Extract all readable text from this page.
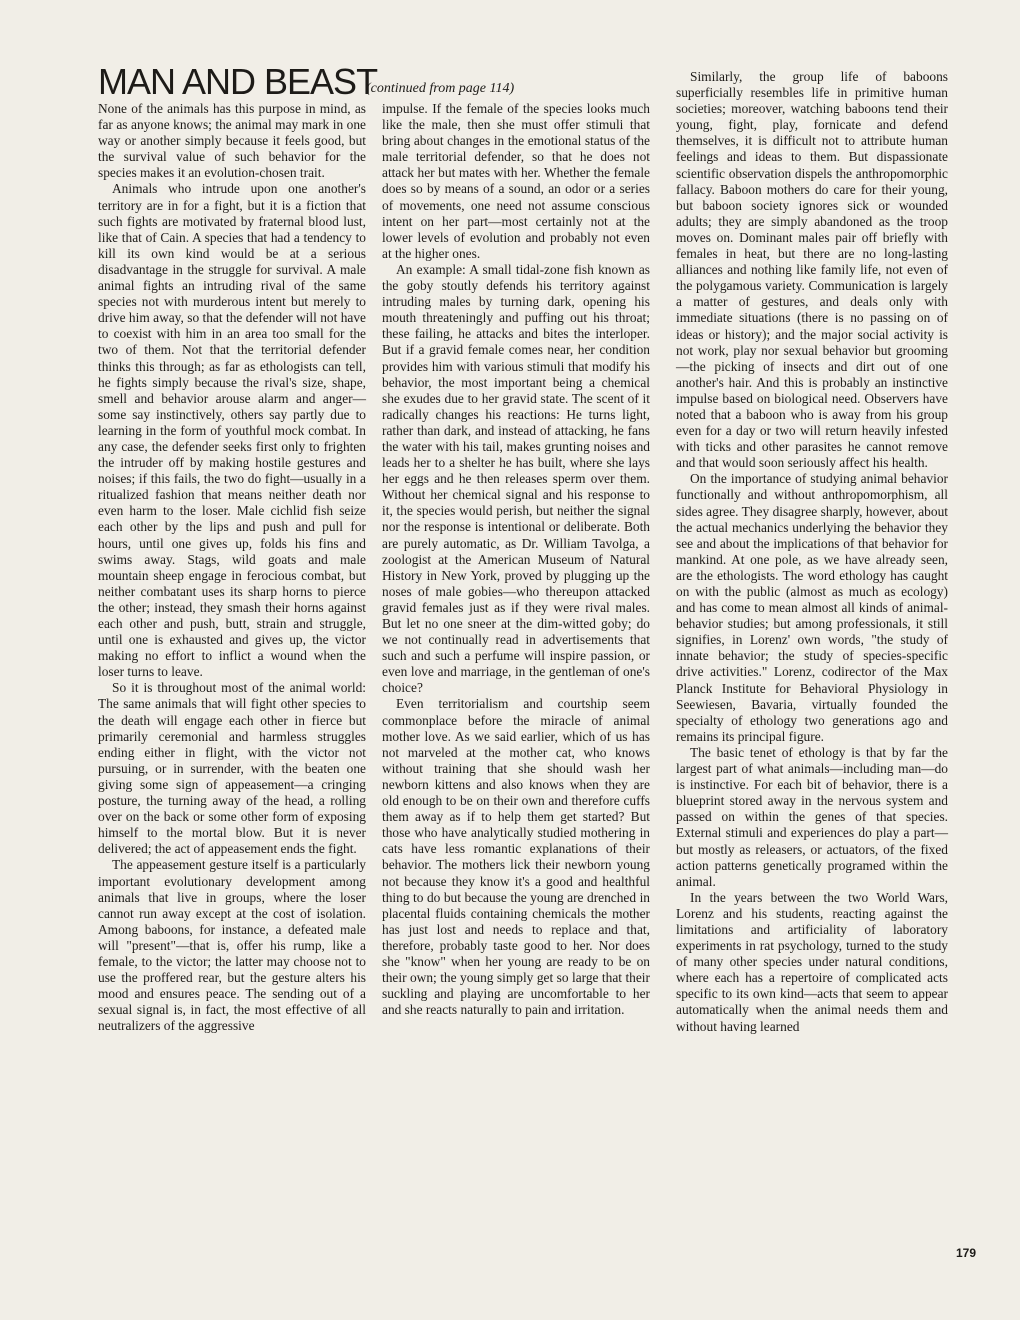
MAN AND BEAST
(continued from page 114)

None of the animals has this purpose in mind, as far as anyone knows; the animal may mark in one way or another simply because it feels good, but the survival value of such behavior for the species makes it an evolution-chosen trait.

Animals who intrude upon one another's territory are in for a fight, but it is a fiction that such fights are motivated by fraternal blood lust, like that of Cain. A species that had a tendency to kill its own kind would be at a serious disadvantage in the struggle for survival. A male animal fights an intruding rival of the same species not with murderous intent but merely to drive him away, so that the defender will not have to coexist with him in an area too small for the two of them. Not that the territorial defender thinks this through; as far as ethologists can tell, he fights simply because the rival's size, shape, smell and behavior arouse alarm and anger—some say instinctively, others say partly due to learning in the form of youthful mock combat. In any case, the defender seeks first only to frighten the intruder off by making hostile gestures and noises; if this fails, the two do fight—usually in a ritualized fashion that means neither death nor even harm to the loser. Male cichlid fish seize each other by the lips and push and pull for hours, until one gives up, folds his fins and swims away. Stags, wild goats and male mountain sheep engage in ferocious combat, but neither combatant uses its sharp horns to pierce the other; instead, they smash their horns against each other and push, butt, strain and struggle, until one is exhausted and gives up, the victor making no effort to inflict a wound when the loser turns to leave.

So it is throughout most of the animal world: The same animals that will fight other species to the death will engage each other in fierce but primarily ceremonial and harmless struggles ending either in flight, with the victor not pursuing, or in surrender, with the beaten one giving some sign of appeasement—a cringing posture, the turning away of the head, a rolling over on the back or some other form of exposing himself to the mortal blow. But it is never delivered; the act of appeasement ends the fight.

The appeasement gesture itself is a particularly important evolutionary development among animals that live in groups, where the loser cannot run away except at the cost of isolation. Among baboons, for instance, a defeated male will "present"—that is, offer his rump, like a female, to the victor; the latter may choose not to use the proffered rear, but the gesture alters his mood and ensures peace. The sending out of a sexual signal is, in fact, the most effective of all neutralizers of the aggressive

impulse. If the female of the species looks much like the male, then she must offer stimuli that bring about changes in the emotional status of the male territorial defender, so that he does not attack her but mates with her. Whether the female does so by means of a sound, an odor or a series of movements, one need not assume conscious intent on her part—most certainly not at the lower levels of evolution and probably not even at the higher ones.

An example: A small tidal-zone fish known as the goby stoutly defends his territory against intruding males by turning dark, opening his mouth threateningly and puffing out his throat; these failing, he attacks and bites the interloper. But if a gravid female comes near, her condition provides him with various stimuli that modify his behavior, the most important being a chemical she exudes due to her gravid state. The scent of it radically changes his reactions: He turns light, rather than dark, and instead of attacking, he fans the water with his tail, makes grunting noises and leads her to a shelter he has built, where she lays her eggs and he then releases sperm over them. Without her chemical signal and his response to it, the species would perish, but neither the signal nor the response is intentional or deliberate. Both are purely automatic, as Dr. William Tavolga, a zoologist at the American Museum of Natural History in New York, proved by plugging up the noses of male gobies—who thereupon attacked gravid females just as if they were rival males. But let no one sneer at the dim-witted goby; do we not continually read in advertisements that such and such a perfume will inspire passion, or even love and marriage, in the gentleman of one's choice?

Even territorialism and courtship seem commonplace before the miracle of animal mother love. As we said earlier, which of us has not marveled at the mother cat, who knows without training that she should wash her newborn kittens and also knows when they are old enough to be on their own and therefore cuffs them away as if to help them get started? But those who have analytically studied mothering in cats have less romantic explanations of their behavior. The mothers lick their newborn young not because they know it's a good and healthful thing to do but because the young are drenched in placental fluids containing chemicals the mother has just lost and needs to replace and that, therefore, probably taste good to her. Nor does she "know" when her young are ready to be on their own; the young simply get so large that their suckling and playing are uncomfortable to her and she reacts naturally to pain and irritation.

Similarly, the group life of baboons superficially resembles life in primitive human societies; moreover, watching baboons tend their young, fight, play, fornicate and defend themselves, it is difficult not to attribute human feelings and ideas to them. But dispassionate scientific observation dispels the anthropomorphic fallacy. Baboon mothers do care for their young, but baboon society ignores sick or wounded adults; they are simply abandoned as the troop moves on. Dominant males pair off briefly with females in heat, but there are no long-lasting alliances and nothing like family life, not even of the polygamous variety. Communication is largely a matter of gestures, and deals only with immediate situations (there is no passing on of ideas or history); and the major social activity is not work, play nor sexual behavior but grooming—the picking of insects and dirt out of one another's hair. And this is probably an instinctive impulse based on biological need. Observers have noted that a baboon who is away from his group even for a day or two will return heavily infested with ticks and other parasites he cannot remove and that would soon seriously affect his health.

On the importance of studying animal behavior functionally and without anthropomorphism, all sides agree. They disagree sharply, however, about the actual mechanics underlying the behavior they see and about the implications of that behavior for mankind. At one pole, as we have already seen, are the ethologists. The word ethology has caught on with the public (almost as much as ecology) and has come to mean almost all kinds of animal-behavior studies; but among professionals, it still signifies, in Lorenz' own words, "the study of innate behavior; the study of species-specific drive activities." Lorenz, codirector of the Max Planck Institute for Behavioral Physiology in Seewiesen, Bavaria, virtually founded the specialty of ethology two generations ago and remains its principal figure.

The basic tenet of ethology is that by far the largest part of what animals—including man—do is instinctive. For each bit of behavior, there is a blueprint stored away in the nervous system and passed on within the genes of that species. External stimuli and experiences do play a part—but mostly as releasers, or actuators, of the fixed action patterns genetically programed within the animal.

In the years between the two World Wars, Lorenz and his students, reacting against the limitations and artificiality of laboratory experiments in rat psychology, turned to the study of many other species under natural conditions, where each has a repertoire of complicated acts specific to its own kind—acts that seem to appear automatically when the animal needs them and without having learned

179
